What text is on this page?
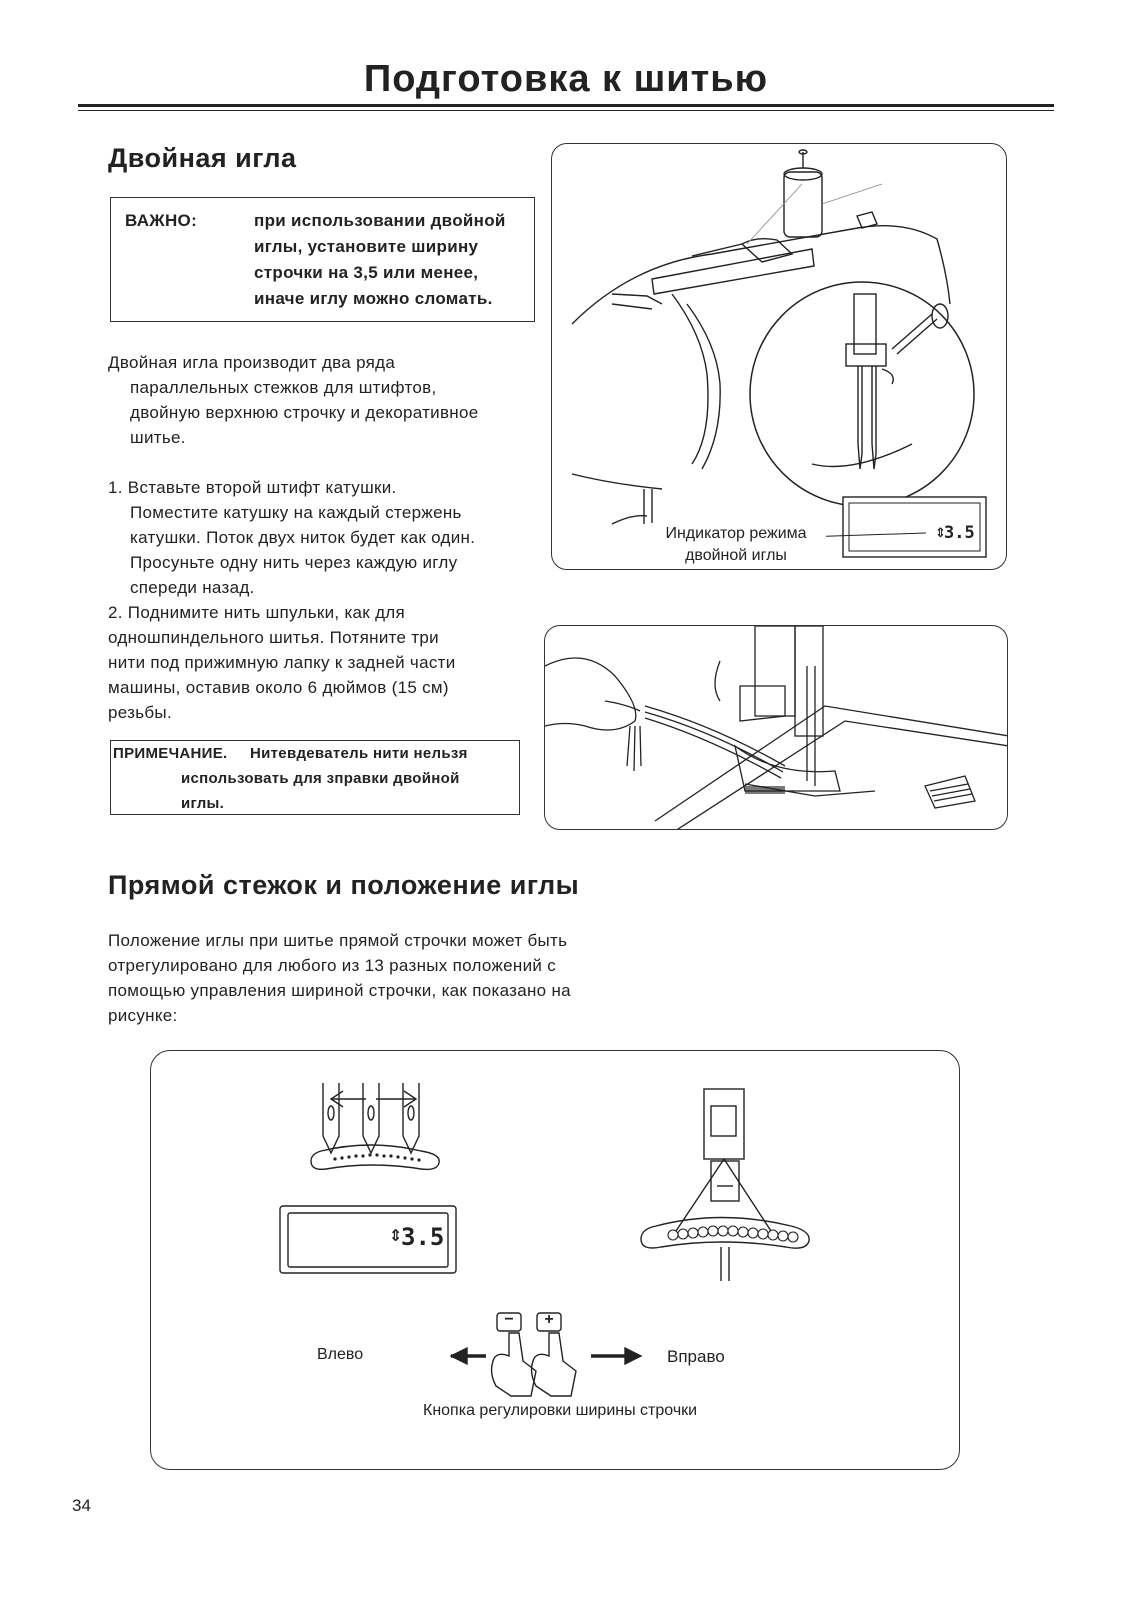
Подготовка к шитью
Двойная игла
ВАЖНО:	при использовании двойной
иглы, установите ширину
строчки на 3,5 или менее,
иначе иглу можно сломать.
Двойная игла производит два ряда
параллельных стежков для штифтов,
двойную верхнюю строчку и декоративное
шитье.
1. Вставьте второй штифт катушки.
Поместите катушку на каждый стержень
катушки. Поток двух ниток будет как один.
Просуньте одну нить через каждую иглу
спереди назад.
2. Поднимите нить шпульки, как для
одношпиндельного шитья. Потяните три
нити под прижимную лапку к задней части
машины, оставив около 6 дюймов (15 см)
резьбы.
ПРИМЕЧАНИЕ. Нитевдеватель нити нельзя
использовать для зправки двойной
иглы.
⇕
3.5
Индикатор режима
двойной иглы
Прямой стежок и положение иглы
Положение иглы при шитье прямой строчки может быть
отрегулировано для любого из 13 разных положений с
помощью управления шириной строчки, как показано на
рисунке:
⇕
3.5
−	+
Влево	Вправо
Кнопка регулировки ширины строчки
34
